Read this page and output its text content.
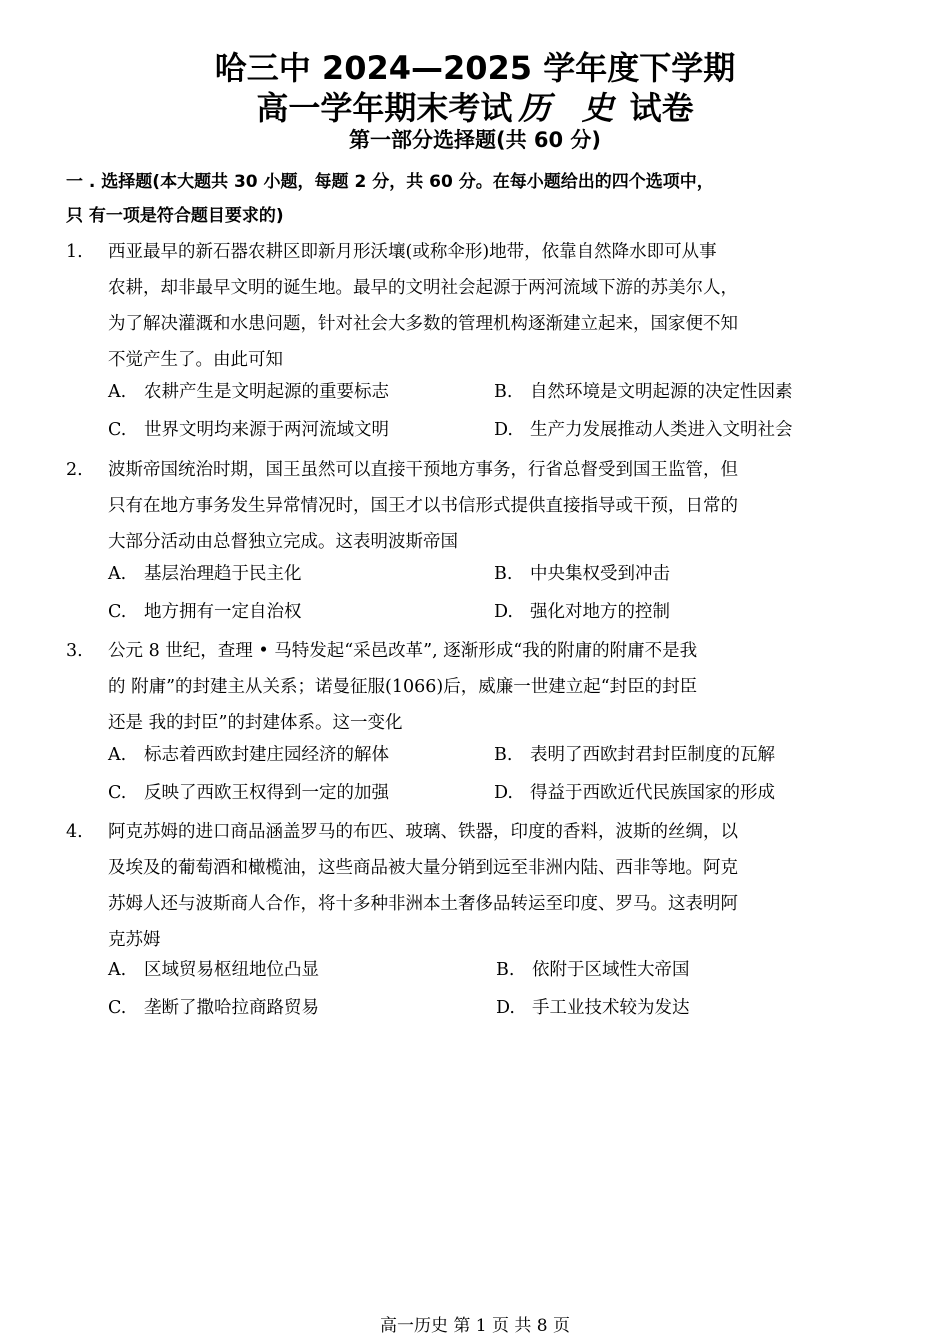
哈三中 2024—2025 学年度下学期
高一学年期末考试 历 史 试卷
第一部分选择题(共 60 分)
一 . 选择题(本大题共 30 小题，每题 2 分，共 60 分。在每小题给出的四个选项中，
只 有一项是符合题目要求的)
1.	西亚最早的新石器农耕区即新月形沃壤(或称伞形)地带，依靠自然降水即可从事
农耕，却非最早文明的诞生地。最早的文明社会起源于两河流域下游的苏美尔人，
为了解决灌溉和水患问题，针对社会大多数的管理机构逐渐建立起来，国家便不知
不觉产生了。由此可知
A. 农耕产生是文明起源的重要标志	B. 自然环境是文明起源的决定性因素
C. 世界文明均来源于两河流域文明	D. 生产力发展推动人类进入文明社会
2.	波斯帝国统治时期，国王虽然可以直接干预地方事务，行省总督受到国王监管，但
只有在地方事务发生异常情况时，国王才以书信形式提供直接指导或干预，日常的
大部分活动由总督独立完成。这表明波斯帝国
A. 基层治理趋于民主化	B. 中央集权受到冲击
C. 地方拥有一定自治权	D. 强化对地方的控制
3.	公元 8 世纪，查理 • 马特发起“采邑改革”, 逐渐形成“我的附庸的附庸不是我
的 附庸”的封建主从关系；诺曼征服(1066)后，威廉一世建立起“封臣的封臣
还是 我的封臣”的封建体系。这一变化
A. 标志着西欧封建庄园经济的解体	B. 表明了西欧封君封臣制度的瓦解
C. 反映了西欧王权得到一定的加强	D. 得益于西欧近代民族国家的形成
4.	阿克苏姆的进口商品涵盖罗马的布匹、玻璃、铁器，印度的香料，波斯的丝绸，以
及埃及的葡萄酒和橄榄油，这些商品被大量分销到远至非洲内陆、西非等地。阿克
苏姆人还与波斯商人合作，将十多种非洲本土奢侈品转运至印度、罗马。这表明阿
克苏姆
A. 区域贸易枢纽地位凸显	B. 依附于区域性大帝国
C. 垄断了撒哈拉商路贸易	D. 手工业技术较为发达
高一历史 第 1 页 共 8 页
